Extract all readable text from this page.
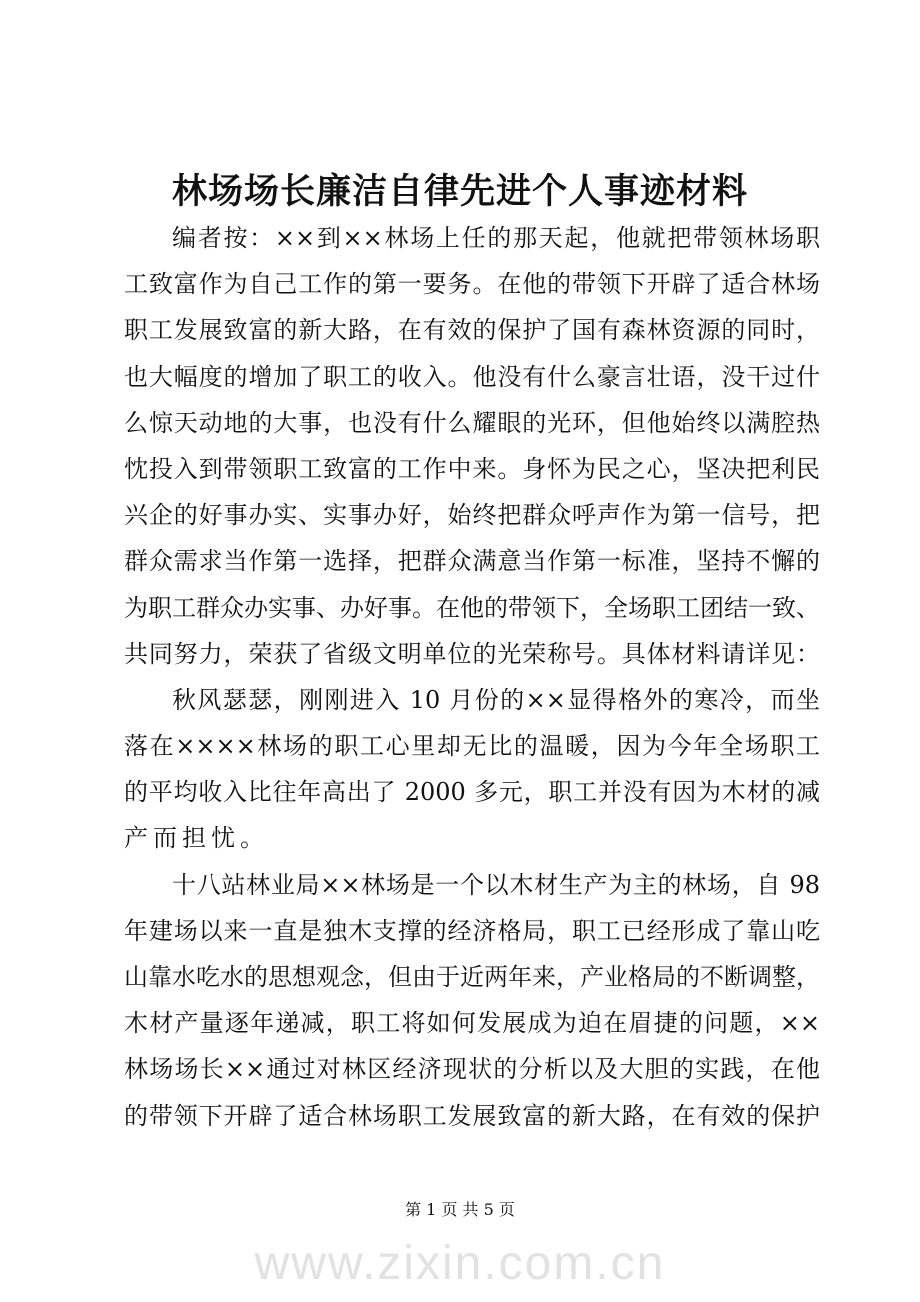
林场场长廉洁自律先进个人事迹材料
编者按：××到××林场上任的那天起，他就把带领林场职
工致富作为自己工作的第一要务。在他的带领下开辟了适合林场
职工发展致富的新大路，在有效的保护了国有森林资源的同时，
也大幅度的增加了职工的收入。他没有什么豪言壮语，没干过什
么惊天动地的大事，也没有什么耀眼的光环，但他始终以满腔热
忱投入到带领职工致富的工作中来。身怀为民之心，坚决把利民
兴企的好事办实、实事办好，始终把群众呼声作为第一信号，把
群众需求当作第一选择，把群众满意当作第一标准，坚持不懈的
为职工群众办实事、办好事。在他的带领下，全场职工团结一致、
共同努力，荣获了省级文明单位的光荣称号。具体材料请详见：
秋风瑟瑟，刚刚进入 10 月份的××显得格外的寒冷，而坐
落在××××林场的职工心里却无比的温暖，因为今年全场职工
的平均收入比往年高出了 2000 多元，职工并没有因为木材的减
产而担忧。
十八站林业局××林场是一个以木材生产为主的林场，自 98
年建场以来一直是独木支撑的经济格局，职工已经形成了靠山吃
山靠水吃水的思想观念，但由于近两年来，产业格局的不断调整，
木材产量逐年递减，职工将如何发展成为迫在眉捷的问题，××
林场场长××通过对林区经济现状的分析以及大胆的实践，在他
的带领下开辟了适合林场职工发展致富的新大路，在有效的保护
第 1 页 共 5 页
www.zixin.com.cn
